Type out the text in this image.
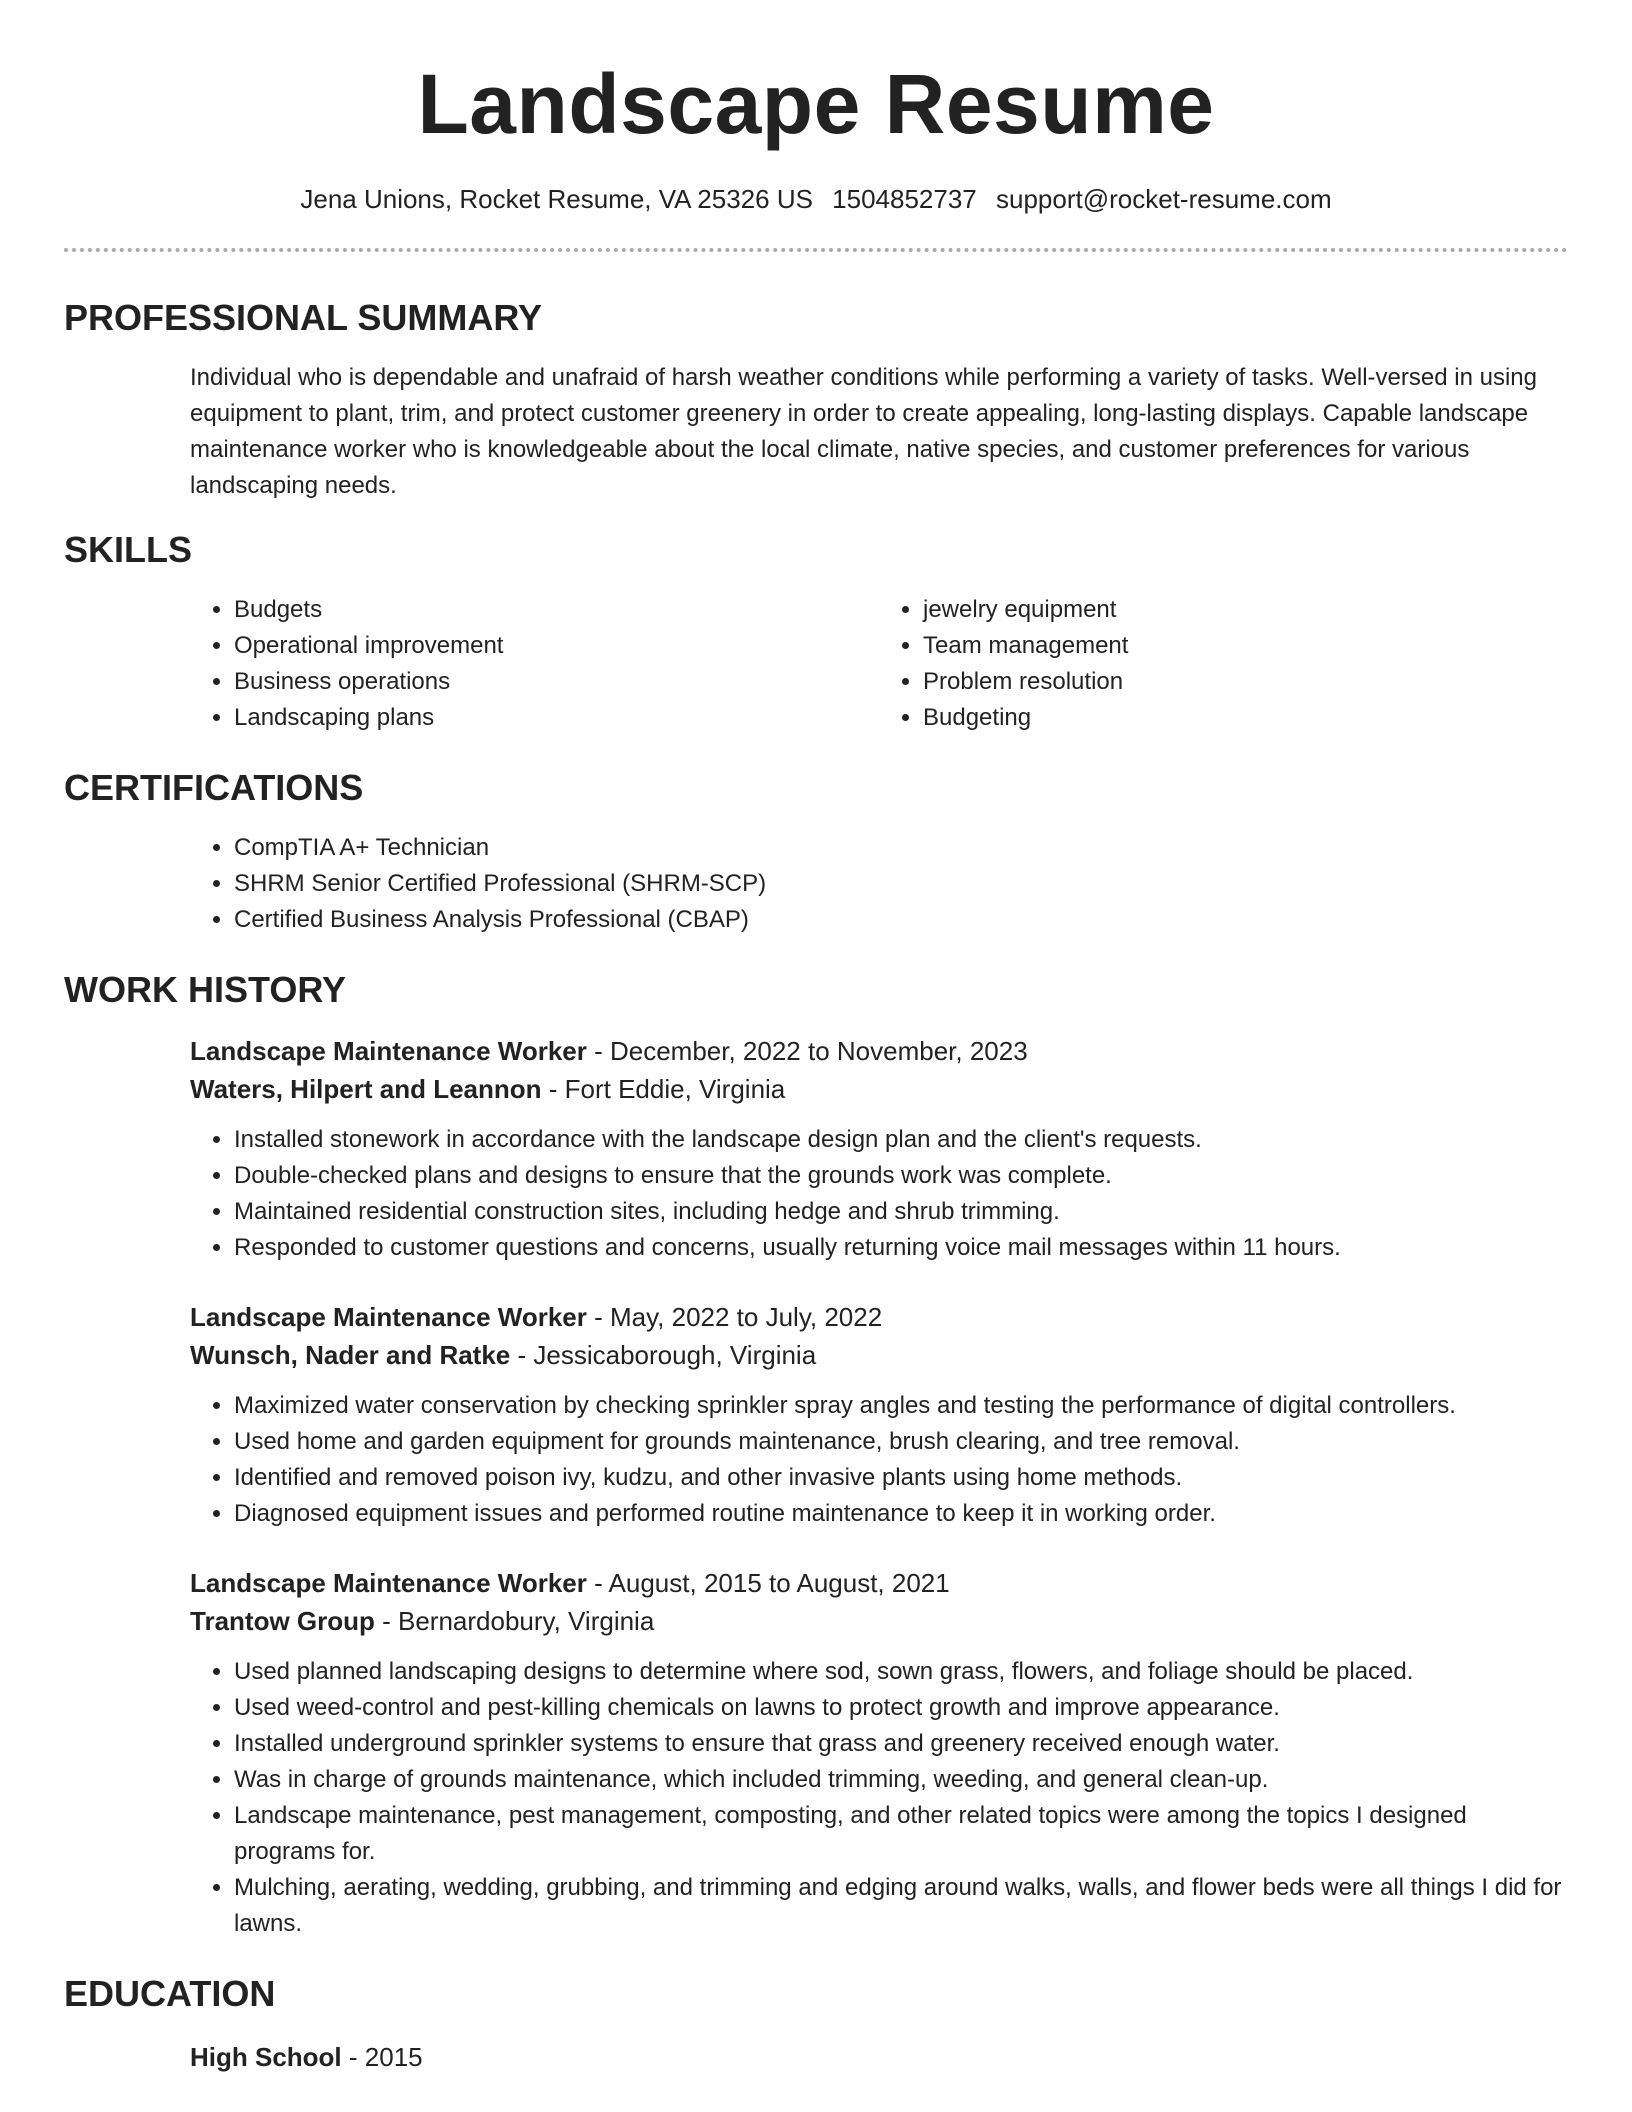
Landscape Resume
Jena Unions, Rocket Resume, VA 25326 US 1504852737 support@rocket-resume.com
PROFESSIONAL SUMMARY

Individual who is dependable and unafraid of harsh weather conditions while performing a variety of tasks. Well-versed in using equipment to plant, trim, and protect customer greenery in order to create appealing, long-lasting displays. Capable landscape maintenance worker who is knowledgeable about the local climate, native species, and customer preferences for various landscaping needs.

SKILLS
• Budgets
• Operational improvement
• Business operations
• Landscaping plans
• jewelry equipment
• Team management
• Problem resolution
• Budgeting
CERTIFICATIONS
• CompTIA A+ Technician
• SHRM Senior Certified Professional (SHRM-SCP)
• Certified Business Analysis Professional (CBAP)
WORK HISTORY
Landscape Maintenance Worker - December, 2022 to November, 2023
Waters, Hilpert and Leannon - Fort Eddie, Virginia
• Installed stonework in accordance with the landscape design plan and the client's requests.
• Double-checked plans and designs to ensure that the grounds work was complete.
• Maintained residential construction sites, including hedge and shrub trimming.
• Responded to customer questions and concerns, usually returning voice mail messages within 11 hours.
Landscape Maintenance Worker - May, 2022 to July, 2022
Wunsch, Nader and Ratke - Jessicaborough, Virginia
• Maximized water conservation by checking sprinkler spray angles and testing the performance of digital controllers.
• Used home and garden equipment for grounds maintenance, brush clearing, and tree removal.
• Identified and removed poison ivy, kudzu, and other invasive plants using home methods.
• Diagnosed equipment issues and performed routine maintenance to keep it in working order.
Landscape Maintenance Worker - August, 2015 to August, 2021
Trantow Group - Bernardobury, Virginia
• Used planned landscaping designs to determine where sod, sown grass, flowers, and foliage should be placed.
• Used weed-control and pest-killing chemicals on lawns to protect growth and improve appearance.
• Installed underground sprinkler systems to ensure that grass and greenery received enough water.
• Was in charge of grounds maintenance, which included trimming, weeding, and general clean-up.
• Landscape maintenance, pest management, composting, and other related topics were among the topics I designed programs for.
• Mulching, aerating, wedding, grubbing, and trimming and edging around walks, walls, and flower beds were all things I did for lawns.
EDUCATION
High School - 2015
